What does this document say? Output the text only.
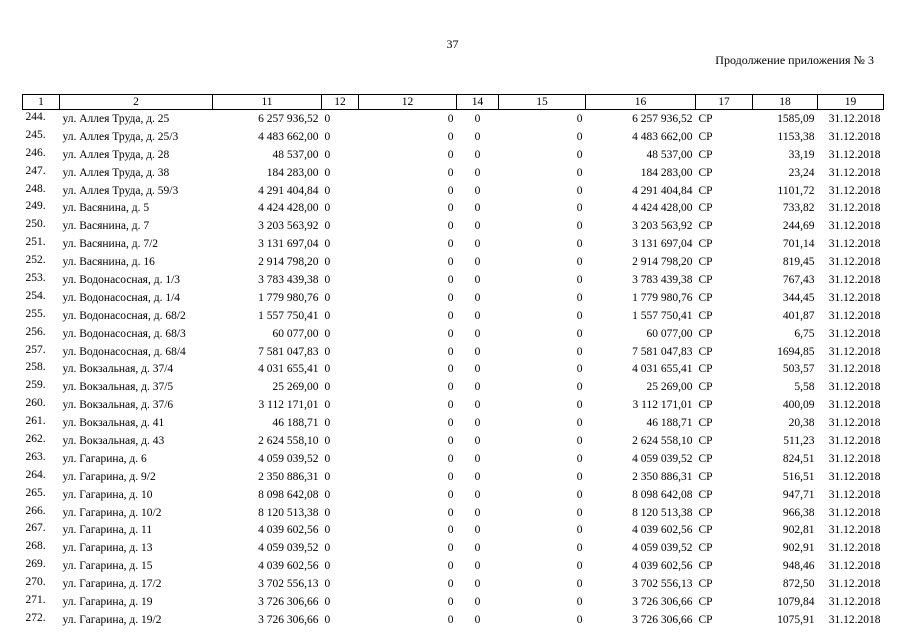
37
Продолжение приложения № 3
1	2	11	12	12	14	15	16	17	18	19
244.	ул. Аллея Труда, д. 25	6 257 936,52	0	0	0	0	6 257 936,52	СР	1585,09	31.12.2018
245.	ул. Аллея Труда, д. 25/3	4 483 662,00	0	0	0	0	4 483 662,00	СР	1153,38	31.12.2018
246.	ул. Аллея Труда, д. 28	48 537,00	0	0	0	0	48 537,00	СР	33,19	31.12.2018
247.	ул. Аллея Труда, д. 38	184 283,00	0	0	0	0	184 283,00	СР	23,24	31.12.2018
248.	ул. Аллея Труда, д. 59/3	4 291 404,84	0	0	0	0	4 291 404,84	СР	1101,72	31.12.2018
249.	ул. Васянина, д. 5	4 424 428,00	0	0	0	0	4 424 428,00	СР	733,82	31.12.2018
250.	ул. Васянина, д. 7	3 203 563,92	0	0	0	0	3 203 563,92	СР	244,69	31.12.2018
251.	ул. Васянина, д. 7/2	3 131 697,04	0	0	0	0	3 131 697,04	СР	701,14	31.12.2018
252.	ул. Васянина, д. 16	2 914 798,20	0	0	0	0	2 914 798,20	СР	819,45	31.12.2018
253.	ул. Водонасосная, д. 1/3	3 783 439,38	0	0	0	0	3 783 439,38	СР	767,43	31.12.2018
254.	ул. Водонасосная, д. 1/4	1 779 980,76	0	0	0	0	1 779 980,76	СР	344,45	31.12.2018
255.	ул. Водонасосная, д. 68/2	1 557 750,41	0	0	0	0	1 557 750,41	СР	401,87	31.12.2018
256.	ул. Водонасосная, д. 68/3	60 077,00	0	0	0	0	60 077,00	СР	6,75	31.12.2018
257.	ул. Водонасосная, д. 68/4	7 581 047,83	0	0	0	0	7 581 047,83	СР	1694,85	31.12.2018
258.	ул. Вокзальная, д. 37/4	4 031 655,41	0	0	0	0	4 031 655,41	СР	503,57	31.12.2018
259.	ул. Вокзальная, д. 37/5	25 269,00	0	0	0	0	25 269,00	СР	5,58	31.12.2018
260.	ул. Вокзальная, д. 37/6	3 112 171,01	0	0	0	0	3 112 171,01	СР	400,09	31.12.2018
261.	ул. Вокзальная, д. 41	46 188,71	0	0	0	0	46 188,71	СР	20,38	31.12.2018
262.	ул. Вокзальная, д. 43	2 624 558,10	0	0	0	0	2 624 558,10	СР	511,23	31.12.2018
263.	ул. Гагарина, д. 6	4 059 039,52	0	0	0	0	4 059 039,52	СР	824,51	31.12.2018
264.	ул. Гагарина, д. 9/2	2 350 886,31	0	0	0	0	2 350 886,31	СР	516,51	31.12.2018
265.	ул. Гагарина, д. 10	8 098 642,08	0	0	0	0	8 098 642,08	СР	947,71	31.12.2018
266.	ул. Гагарина, д. 10/2	8 120 513,38	0	0	0	0	8 120 513,38	СР	966,38	31.12.2018
267.	ул. Гагарина, д. 11	4 039 602,56	0	0	0	0	4 039 602,56	СР	902,81	31.12.2018
268.	ул. Гагарина, д. 13	4 059 039,52	0	0	0	0	4 059 039,52	СР	902,91	31.12.2018
269.	ул. Гагарина, д. 15	4 039 602,56	0	0	0	0	4 039 602,56	СР	948,46	31.12.2018
270.	ул. Гагарина, д. 17/2	3 702 556,13	0	0	0	0	3 702 556,13	СР	872,50	31.12.2018
271.	ул. Гагарина, д. 19	3 726 306,66	0	0	0	0	3 726 306,66	СР	1079,84	31.12.2018
272.	ул. Гагарина, д. 19/2	3 726 306,66	0	0	0	0	3 726 306,66	СР	1075,91	31.12.2018
